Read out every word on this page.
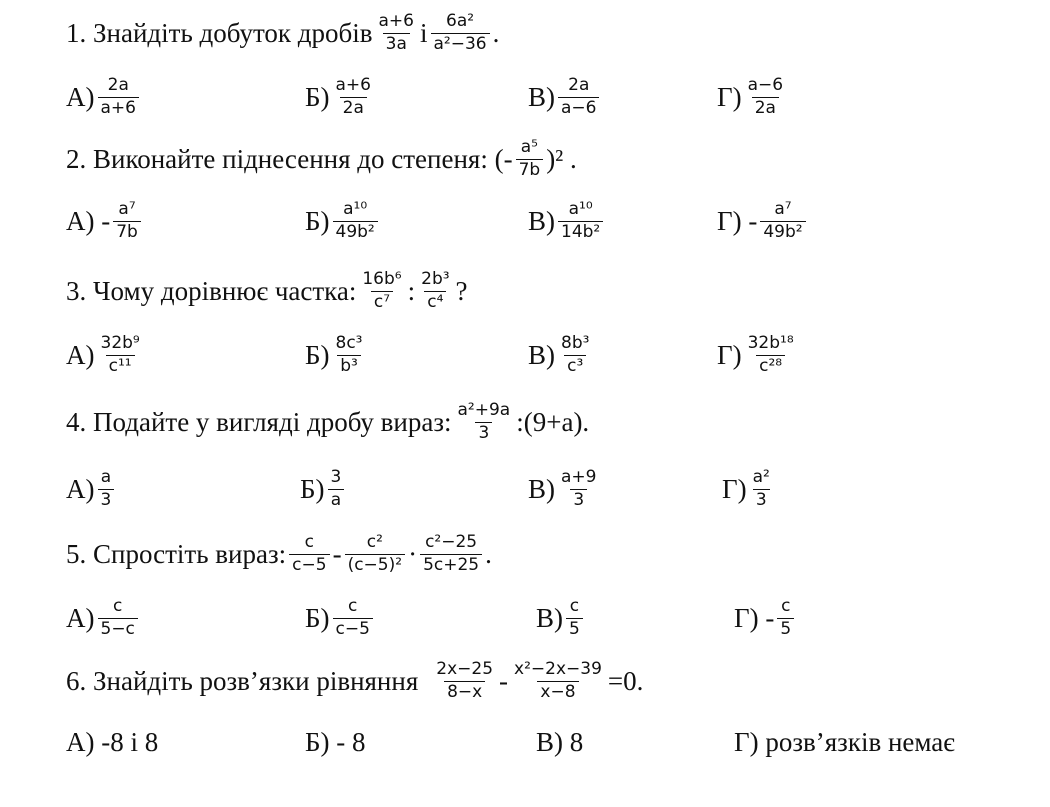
1. Знайдіть добуток дробів $\frac{a+6}{3a}$ і $\frac{\text{6a²}}{\text{a²−36}}$ .
$А) \frac{2a}{a+6}$	$Б) \frac{a+6}{2a}$	$В) \frac{2a}{a-6}$	$Г) \frac{a-6}{2a}$
2. Виконайте піднесення до степеня: (- $\frac{\text{a⁵}}{7b} )^2$ .
$А) - \frac{\text{a⁷}}{7b}$	$Б) \frac{\text{a¹⁰}}{\text{49b²}}$	$В) \frac{\text{a¹⁰}}{\text{14b²}}$	$Г) - \frac{\text{a⁷}}{\text{49b²}}$
3. Чому дорівнює частка: $\frac{\text{16b⁶}}{\text{c⁷}}$ : $\frac{\text{2b³}}{\text{c⁴}}$ ?
$А) \frac{\text{32b⁹}}{\text{c¹¹}}$	$Б) \frac{\text{8c³}}{\text{b³}}$	$В) \frac{\text{8b³}}{\text{c³}}$	$Г) \frac{\text{32b¹⁸}}{\text{c²⁸}}$
4. Подайте у вигляді дробу вираз: $\frac{\text{a²+9a}}{3}$ :(9+a).
$А) \frac{a}{3}$	$Б) \frac{3}{a}$	$В) \frac{a+9}{3}$	$Г) \frac{\text{a²}}{3}$
5. Спростіть вираз: $\frac{c}{c-5} - \frac{\text{c²}}{\text{(c−5)²}} \cdot \frac{\text{c²−25}}{5c+25}$ .
$А) \frac{c}{5-c}$	$Б) \frac{c}{c-5}$	$В) \frac{c}{5}$	$Г) - \frac{c}{5}$
6. Знайдіть розв’язки рівняння $\frac{2x-25}{8-x} - \frac{\text{x²−2x−39}}{x-8} =0$.
А) -8 і 8	Б) - 8	В) 8	Г) розв’язків немає
